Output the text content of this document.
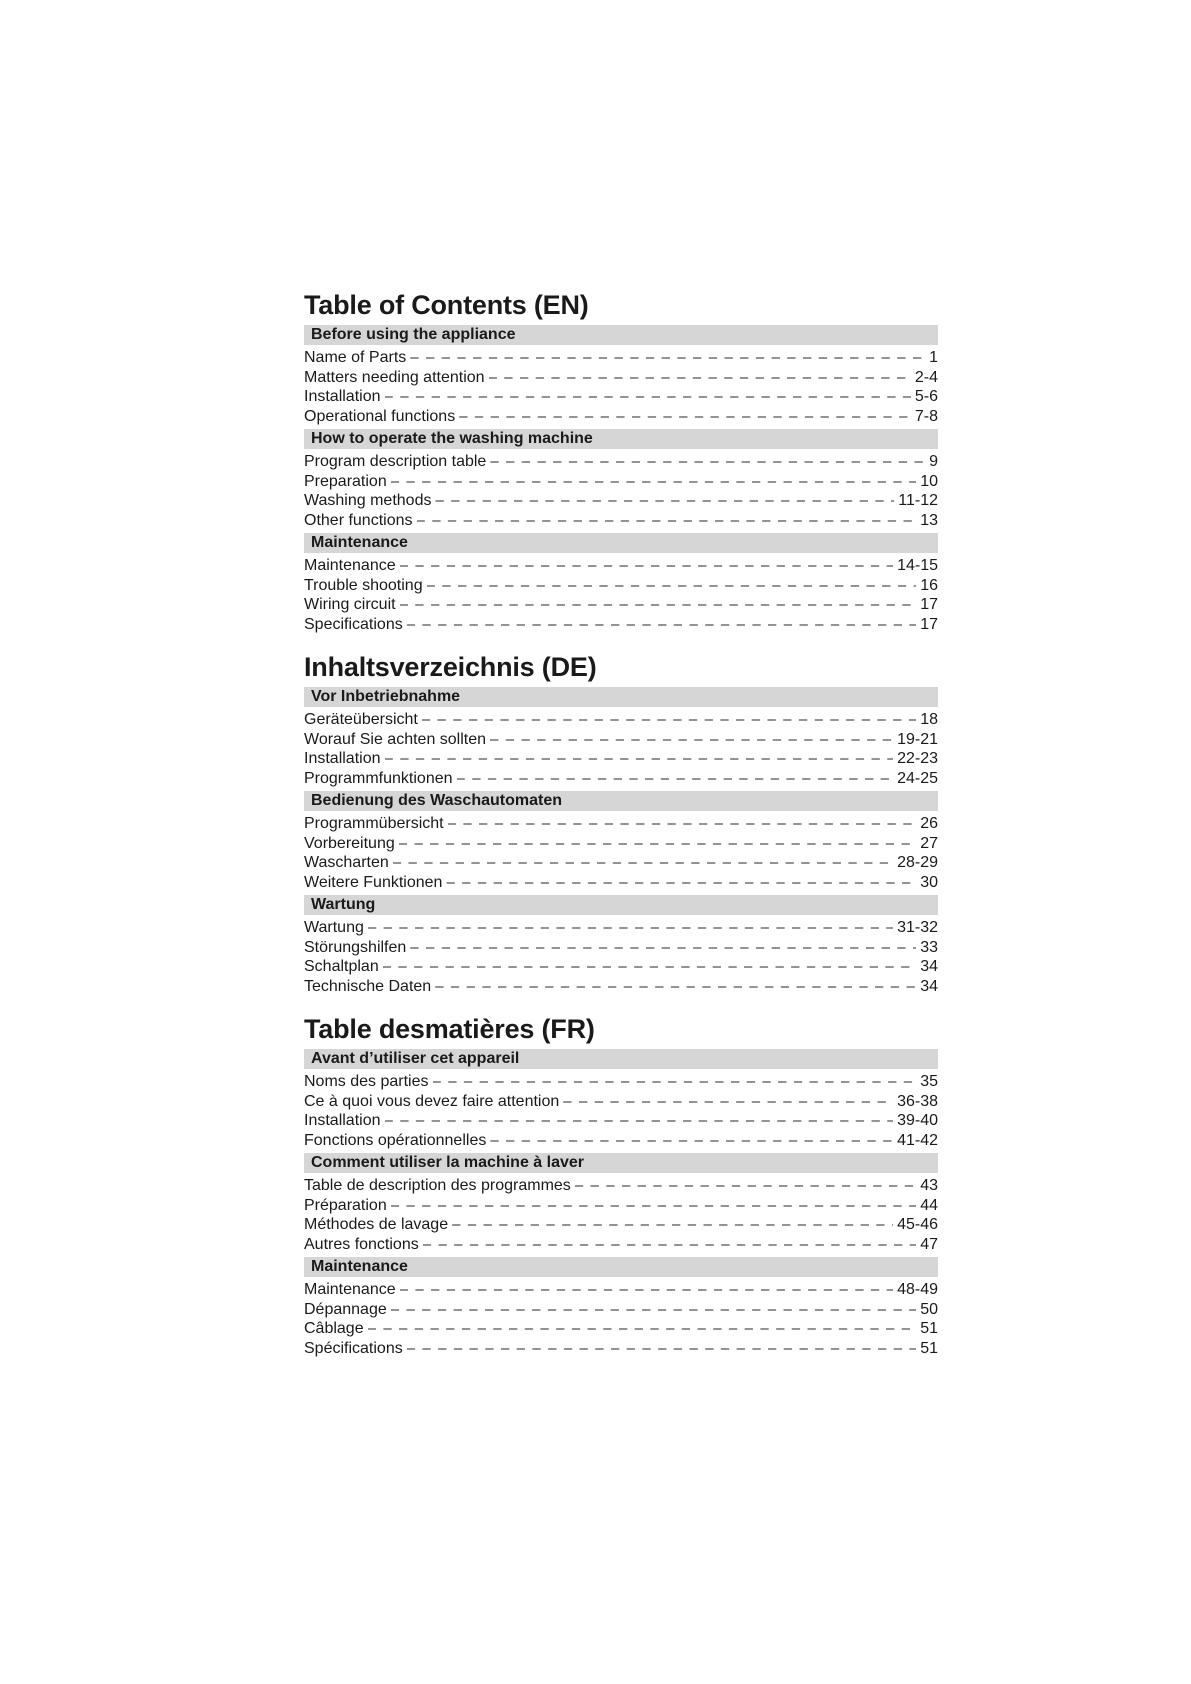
Table of Contents (EN)
Before using the appliance
Name of Parts – – –	1
Matters needing attention – – –	2-4
Installation – – –	5-6
Operational functions – – –	7-8
How to operate the washing machine
Program description table – – –	9
Preparation – – –	10
Washing methods – – –	11-12
Other functions – – –	13
Maintenance
Maintenance – – –	14-15
Trouble shooting – – –	16
Wiring circuit – – –	17
Specifications – – –	17
Inhaltsverzeichnis (DE)
Vor Inbetriebnahme
Geräteübersicht – – –	18
Worauf Sie achten sollten – – –	19-21
Installation – – –	22-23
Programmfunktionen – – –	24-25
Bedienung des Waschautomaten
Programmübersicht – – –	26
Vorbereitung – – –	27
Wascharten – – –	28-29
Weitere Funktionen – – –	30
Wartung
Wartung – – –	31-32
Störungshilfen – – –	33
Schaltplan – – –	34
Technische Daten – – –	34
Table desmatières (FR)
Avant d’utiliser cet appareil
Noms des parties – – –	35
Ce à quoi vous devez faire attention – – –	36-38
Installation – – –	39-40
Fonctions opérationnelles – – –	41-42
Comment utiliser la machine à laver
Table de description des programmes – – –	43
Préparation – – –	44
Méthodes de lavage – – –	45-46
Autres fonctions – – –	47
Maintenance
Maintenance – – –	48-49
Dépannage – – –	50
Câblage – – –	51
Spécifications – – –	51
